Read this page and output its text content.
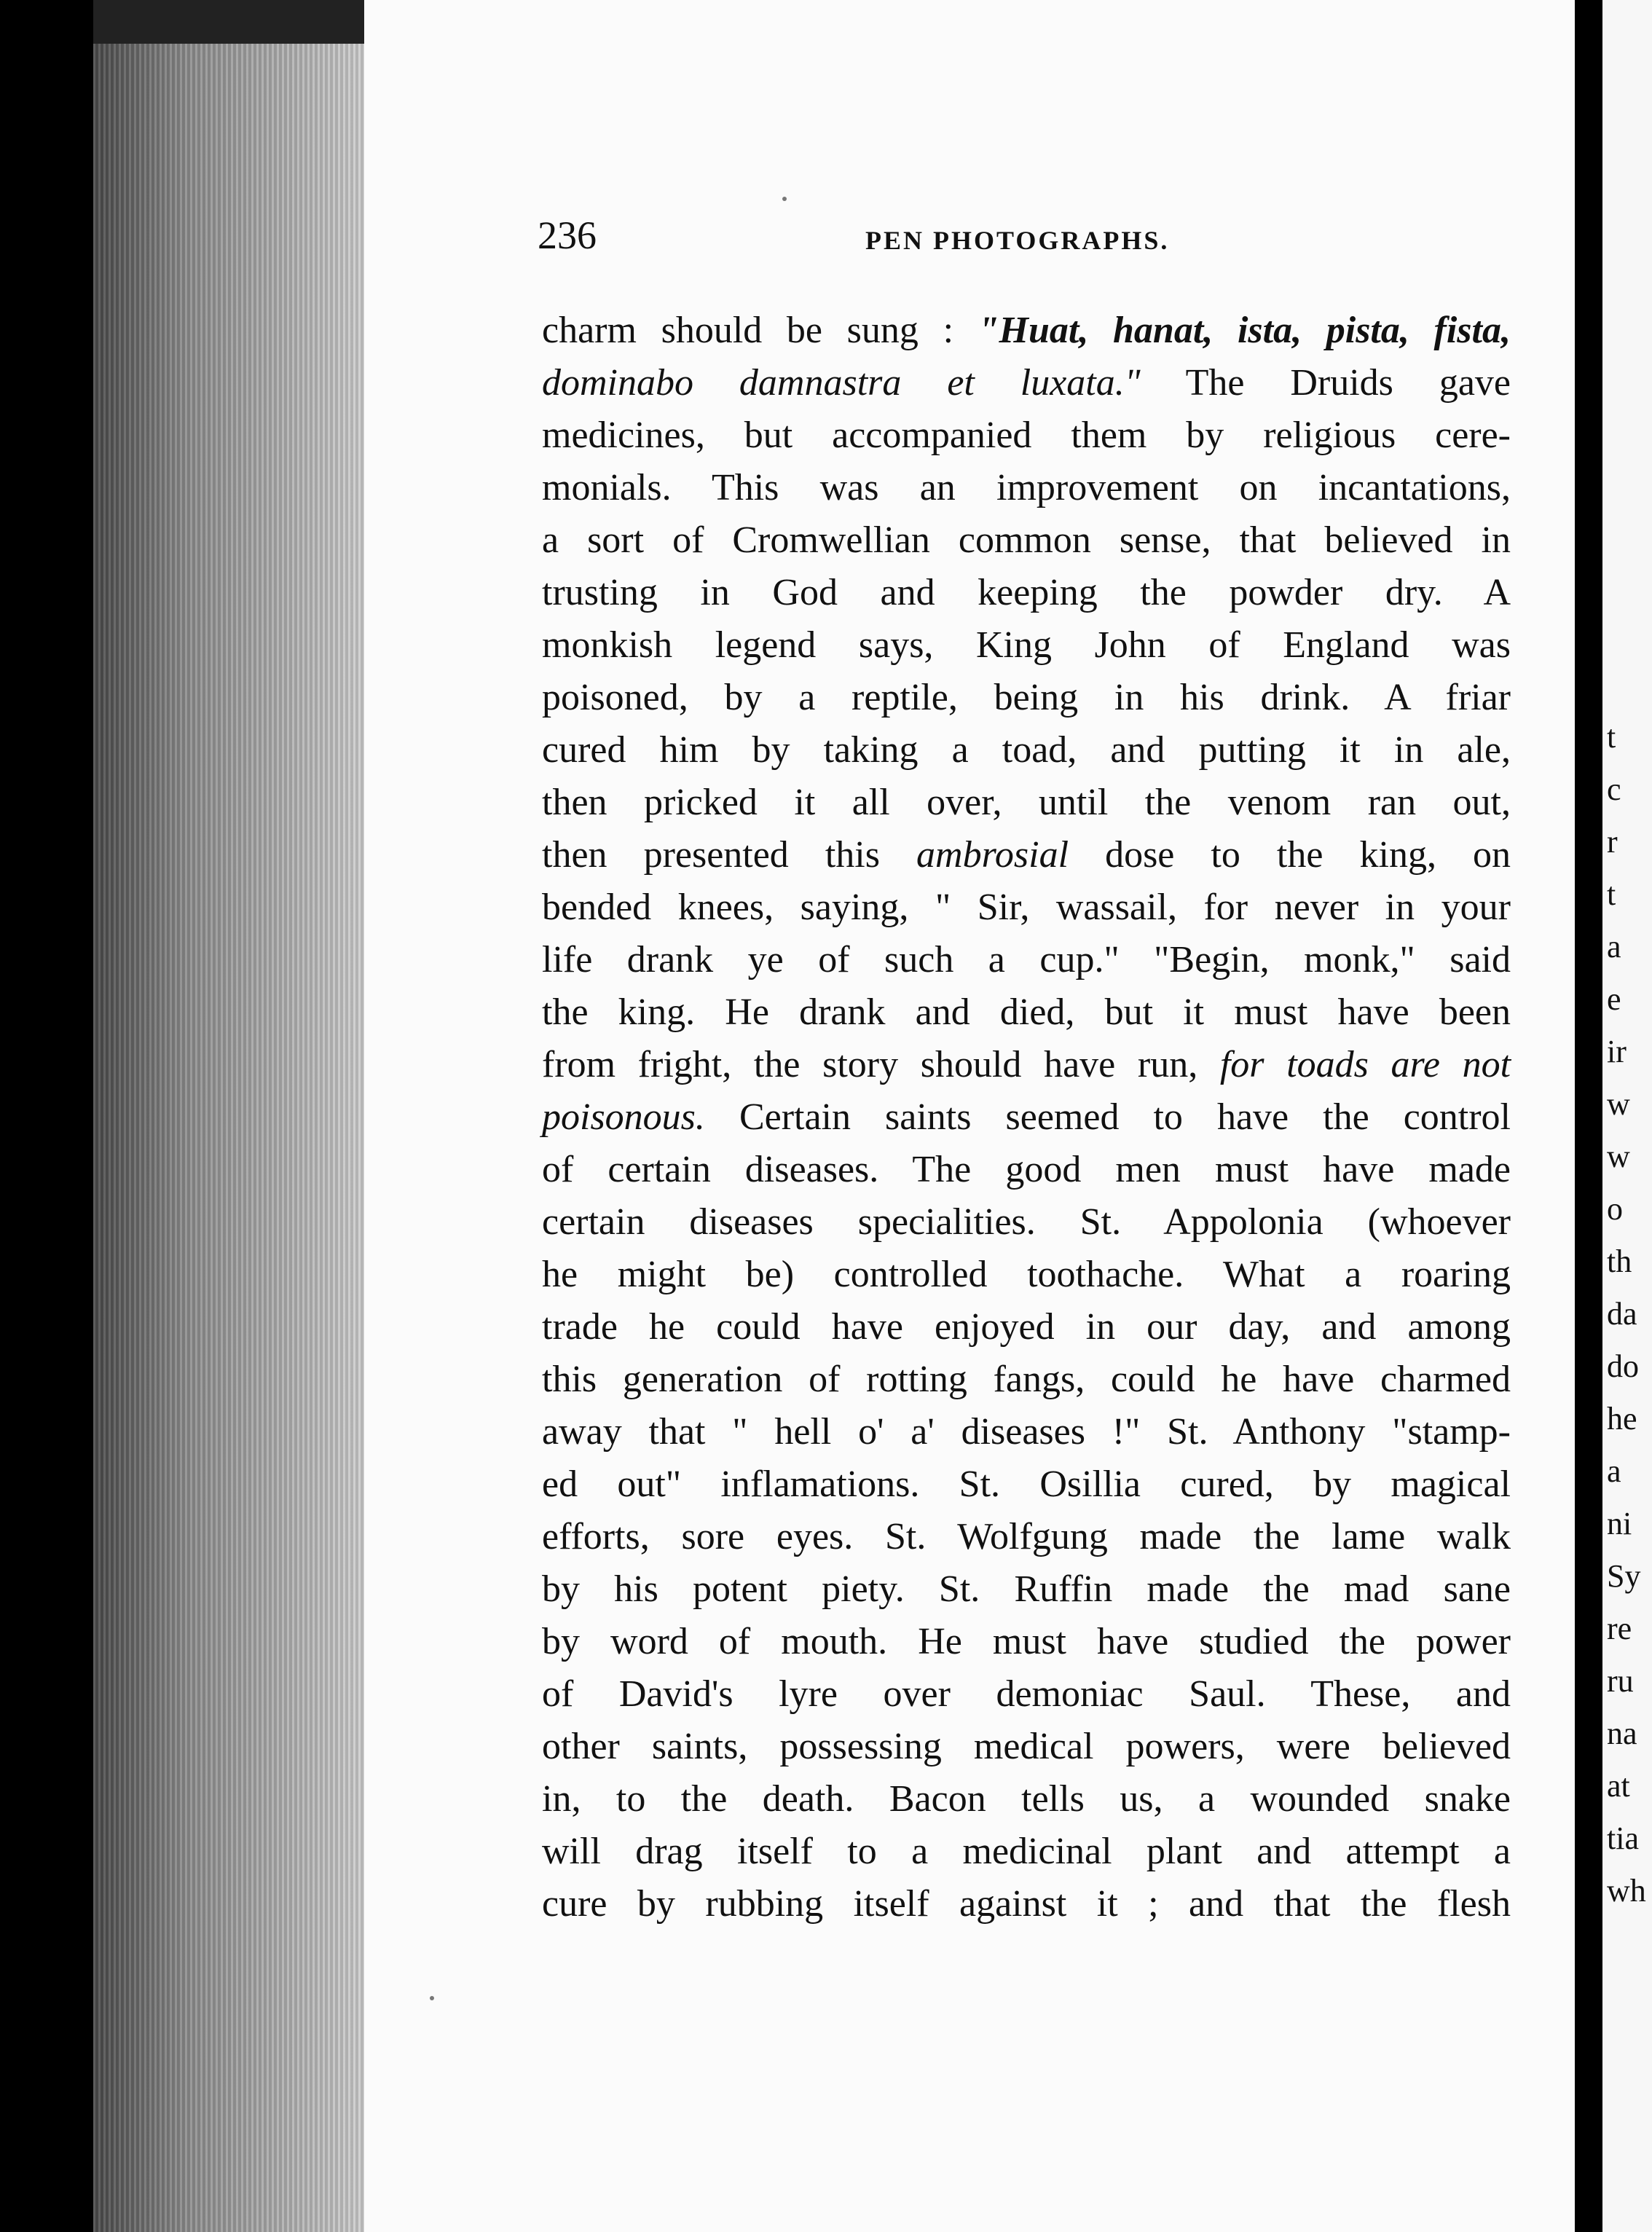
236	PEN PHOTOGRAPHS.
charm should be sung : "Huat, hanat, ista, pista, fista,
dominabo damnastra et luxata." The Druids gave
medicines, but accompanied them by religious cere-
monials. This was an improvement on incantations,
a sort of Cromwellian common sense, that believed in
trusting in God and keeping the powder dry. A
monkish legend says, King John of England was
poisoned, by a reptile, being in his drink. A friar
cured him by taking a toad, and putting it in ale,
then pricked it all over, until the venom ran out,
then presented this ambrosial dose to the king, on
bended knees, saying, " Sir, wassail, for never in your
life drank ye of such a cup." "Begin, monk," said
the king. He drank and died, but it must have been
from fright, the story should have run, for toads are not
poisonous. Certain saints seemed to have the control
of certain diseases. The good men must have made
certain diseases specialities. St. Appolonia (whoever
he might be) controlled toothache. What a roaring
trade he could have enjoyed in our day, and among
this generation of rotting fangs, could he have charmed
away that " hell o' a' diseases !" St. Anthony "stamp-
ed out" inflamations. St. Osillia cured, by magical
efforts, sore eyes. St. Wolfgung made the lame walk
by his potent piety. St. Ruffin made the mad sane
by word of mouth. He must have studied the power
of David's lyre over demoniac Saul. These, and
other saints, possessing medical powers, were believed
in, to the death. Bacon tells us, a wounded snake
will drag itself to a medicinal plant and attempt a
cure by rubbing itself against it ; and that the flesh
t
c
r
t
a
e
ir
w
w
o
th
da
do
he
a
ni
Sy
re
ru
na
at
tia
wh
